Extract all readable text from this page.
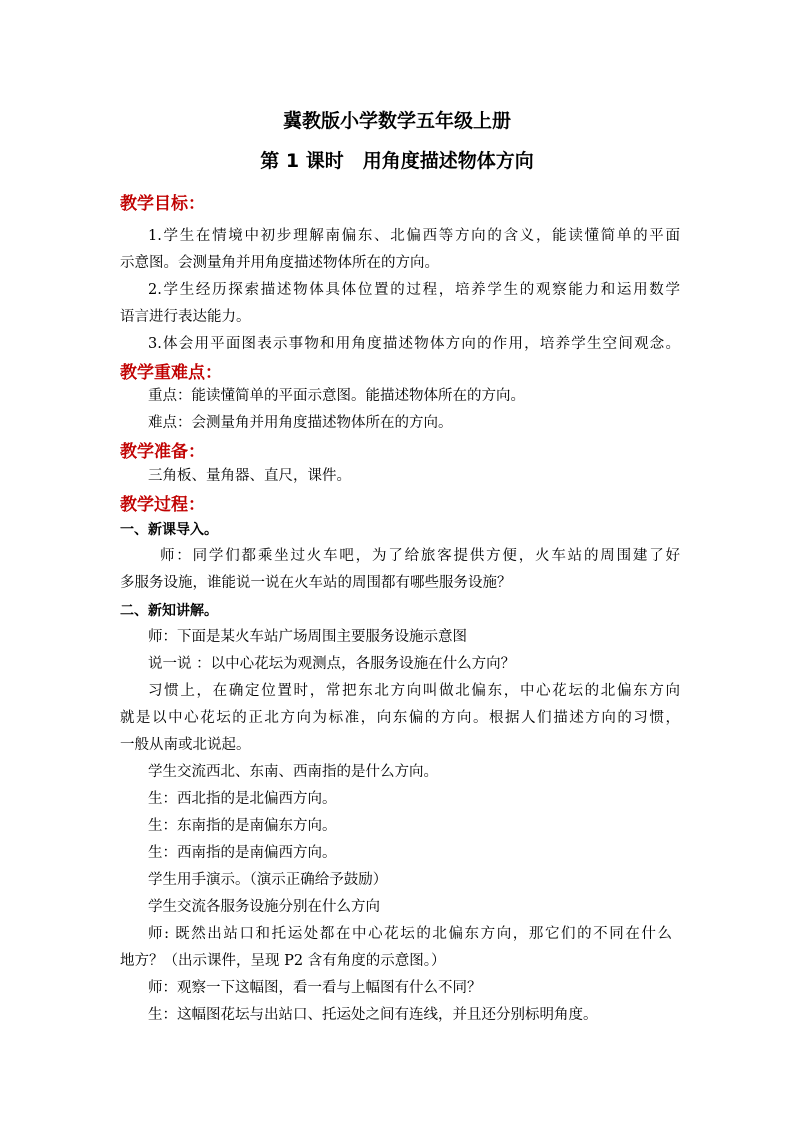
冀教版小学数学五年级上册
第 1 课时　用角度描述物体方向
教学目标：
1.学生在情境中初步理解南偏东、北偏西等方向的含义，能读懂简单的平面
示意图。会测量角并用角度描述物体所在的方向。
2.学生经历探索描述物体具体位置的过程，培养学生的观察能力和运用数学
语言进行表达能力。
3.体会用平面图表示事物和用角度描述物体方向的作用，培养学生空间观念。
教学重难点：
重点：能读懂简单的平面示意图。能描述物体所在的方向。
难点：会测量角并用角度描述物体所在的方向。
教学准备：
三角板、量角器、直尺，课件。
教学过程：
一、新课导入。
师：同学们都乘坐过火车吧，为了给旅客提供方便，火车站的周围建了好
多服务设施，谁能说一说在火车站的周围都有哪些服务设施？
二、新知讲解。
师：下面是某火车站广场周围主要服务设施示意图
说一说 ：以中心花坛为观测点，各服务设施在什么方向？
习惯上，在确定位置时，常把东北方向叫做北偏东，中心花坛的北偏东方向
就是以中心花坛的正北方向为标准，向东偏的方向。根据人们描述方向的习惯，
一般从南或北说起。
学生交流西北、东南、西南指的是什么方向。
生：西北指的是北偏西方向。
生：东南指的是南偏东方向。
生：西南指的是南偏西方向。
学生用手演示。（演示正确给予鼓励）
学生交流各服务设施分别在什么方向
师: 既然出站口和托运处都在中心花坛的北偏东方向，那它们的不同在什么
地方？（出示课件，呈现 P2 含有角度的示意图。）
师：观察一下这幅图，看一看与上幅图有什么不同？
生：这幅图花坛与出站口、托运处之间有连线，并且还分别标明角度。
